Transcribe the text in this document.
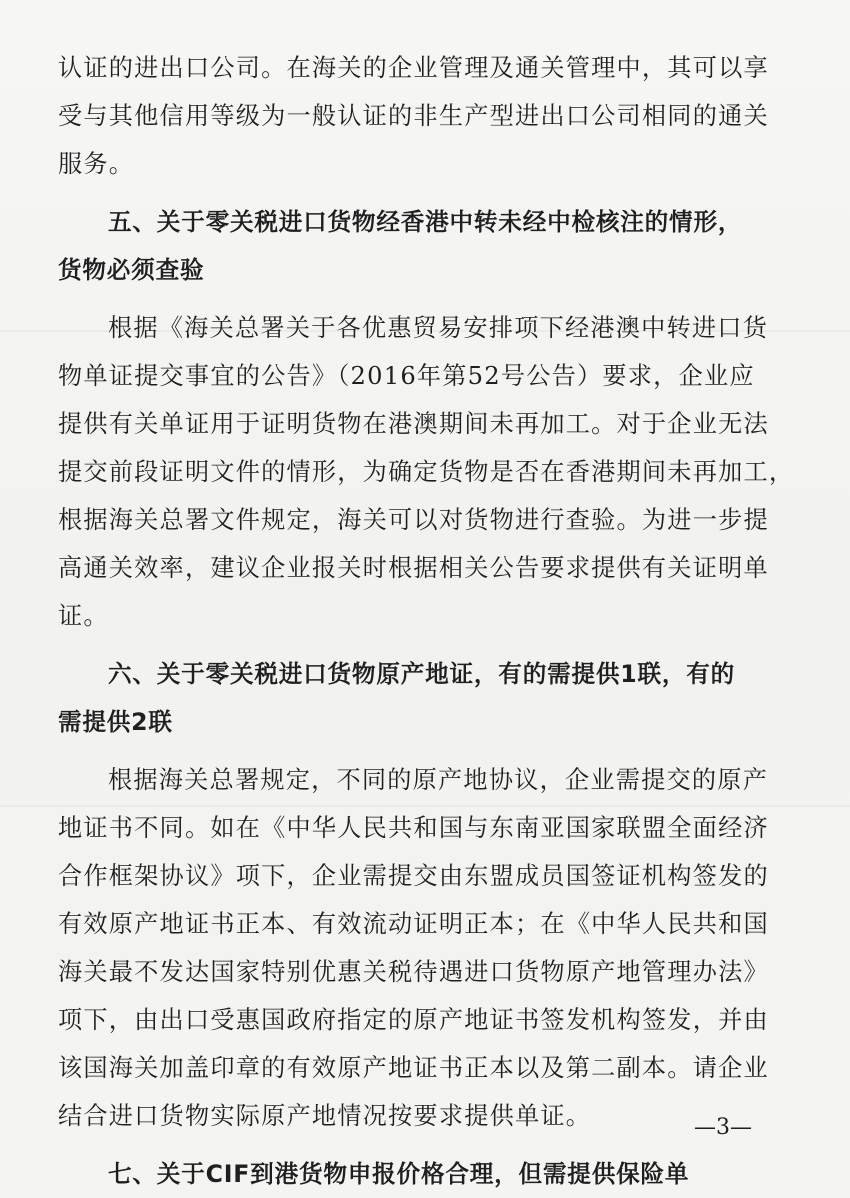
认证的进出口公司。在海关的企业管理及通关管理中，其可以享
受与其他信用等级为一般认证的非生产型进出口公司相同的通关
服务。
五、关于零关税进口货物经香港中转未经中检核注的情形，
货物必须查验
根据《海关总署关于各优惠贸易安排项下经港澳中转进口货
物单证提交事宜的公告》（2016年第52号公告）要求，企业应
提供有关单证用于证明货物在港澳期间未再加工。对于企业无法
提交前段证明文件的情形，为确定货物是否在香港期间未再加工，
根据海关总署文件规定，海关可以对货物进行查验。为进一步提
高通关效率，建议企业报关时根据相关公告要求提供有关证明单
证。
六、关于零关税进口货物原产地证，有的需提供1联，有的
需提供2联
根据海关总署规定，不同的原产地协议，企业需提交的原产
地证书不同。如在《中华人民共和国与东南亚国家联盟全面经济
合作框架协议》项下，企业需提交由东盟成员国签证机构签发的
有效原产地证书正本、有效流动证明正本；在《中华人民共和国
海关最不发达国家特别优惠关税待遇进口货物原产地管理办法》
项下，由出口受惠国政府指定的原产地证书签发机构签发，并由
该国海关加盖印章的有效原产地证书正本以及第二副本。请企业
结合进口货物实际原产地情况按要求提供单证。
七、关于CIF到港货物申报价格合理，但需提供保险单
—3—
